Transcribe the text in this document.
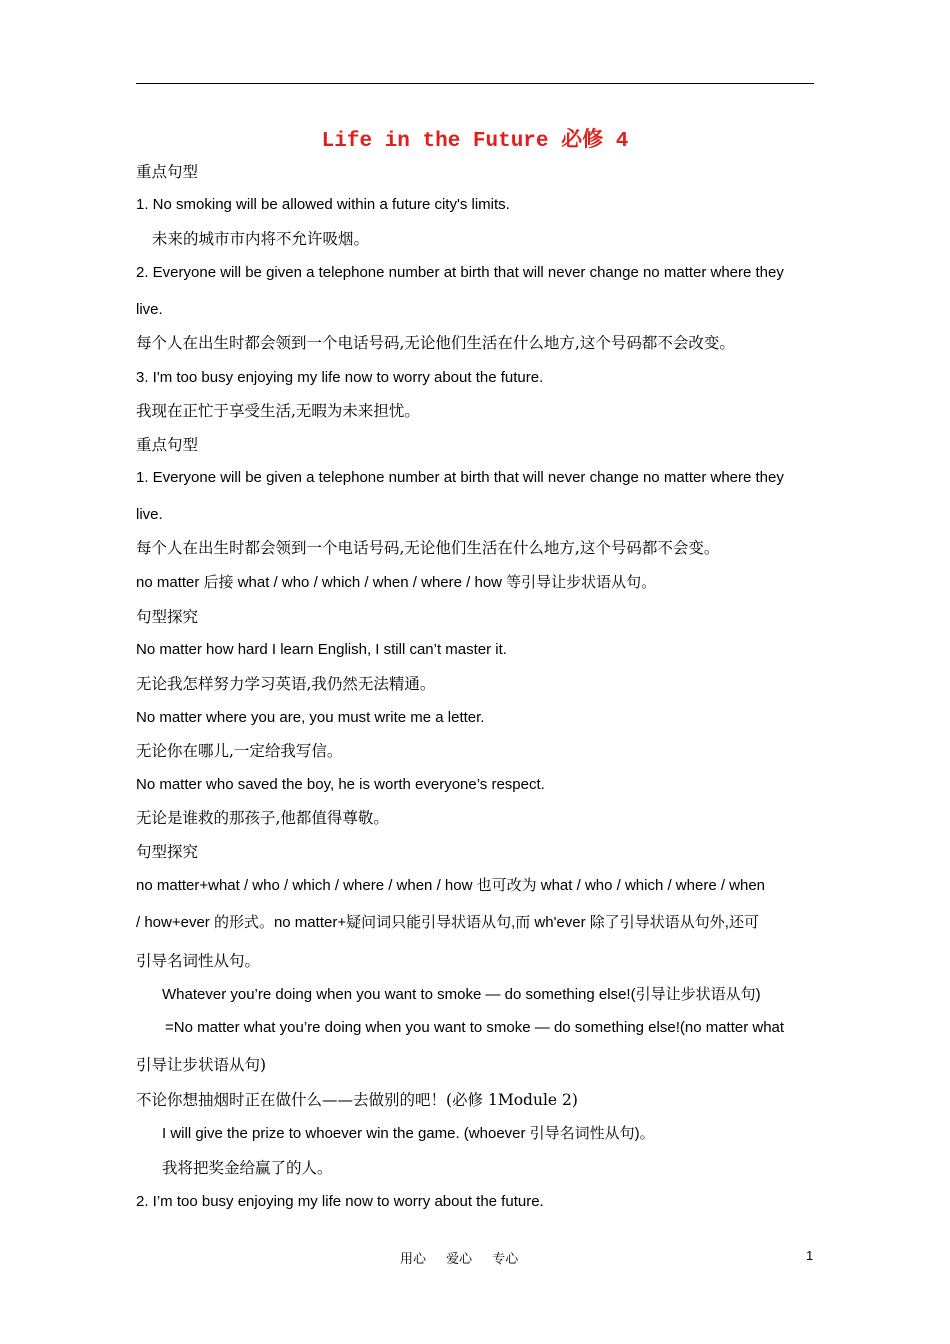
Life in the Future 必修 4
重点句型
1. No smoking will be allowed within a future city's limits.
未来的城市市内将不允许吸烟。
2. Everyone will be given a telephone number at birth that will never change no matter where they
live.
每个人在出生时都会领到一个电话号码,无论他们生活在什么地方,这个号码都不会改变。
3. I'm too busy enjoying my life now to worry about the future.
我现在正忙于享受生活,无暇为未来担忧。
重点句型
1. Everyone will be given a telephone number at birth that will never change no matter where they
live.
每个人在出生时都会领到一个电话号码,无论他们生活在什么地方,这个号码都不会变。
no matter 后接 what / who / which / when / where / how 等引导让步状语从句。
句型探究
No matter how hard I learn English, I still can’t master it.
无论我怎样努力学习英语,我仍然无法精通。
No matter where you are, you must write me a letter.
无论你在哪儿,一定给我写信。
No matter who saved the boy, he is worth everyone’s respect.
无论是谁救的那孩子,他都值得尊敬。
句型探究
no matter+what / who / which / where / when / how 也可改为 what / who / which / where / when
/ how+ever 的形式。no matter+疑问词只能引导状语从句,而 wh'ever 除了引导状语从句外,还可
引导名词性从句。
Whatever you’re doing when you want to smoke — do something else!(引导让步状语从句)
=No matter what you’re doing when you want to smoke — do something else!(no matter what
引导让步状语从句)
不论你想抽烟时正在做什么——去做别的吧！(必修 1Module 2)
I will give the prize to whoever win the game. (whoever 引导名词性从句)。
我将把奖金给赢了的人。
2. I’m too busy enjoying my life now to worry about the future.
用心 爱心 专心	1
